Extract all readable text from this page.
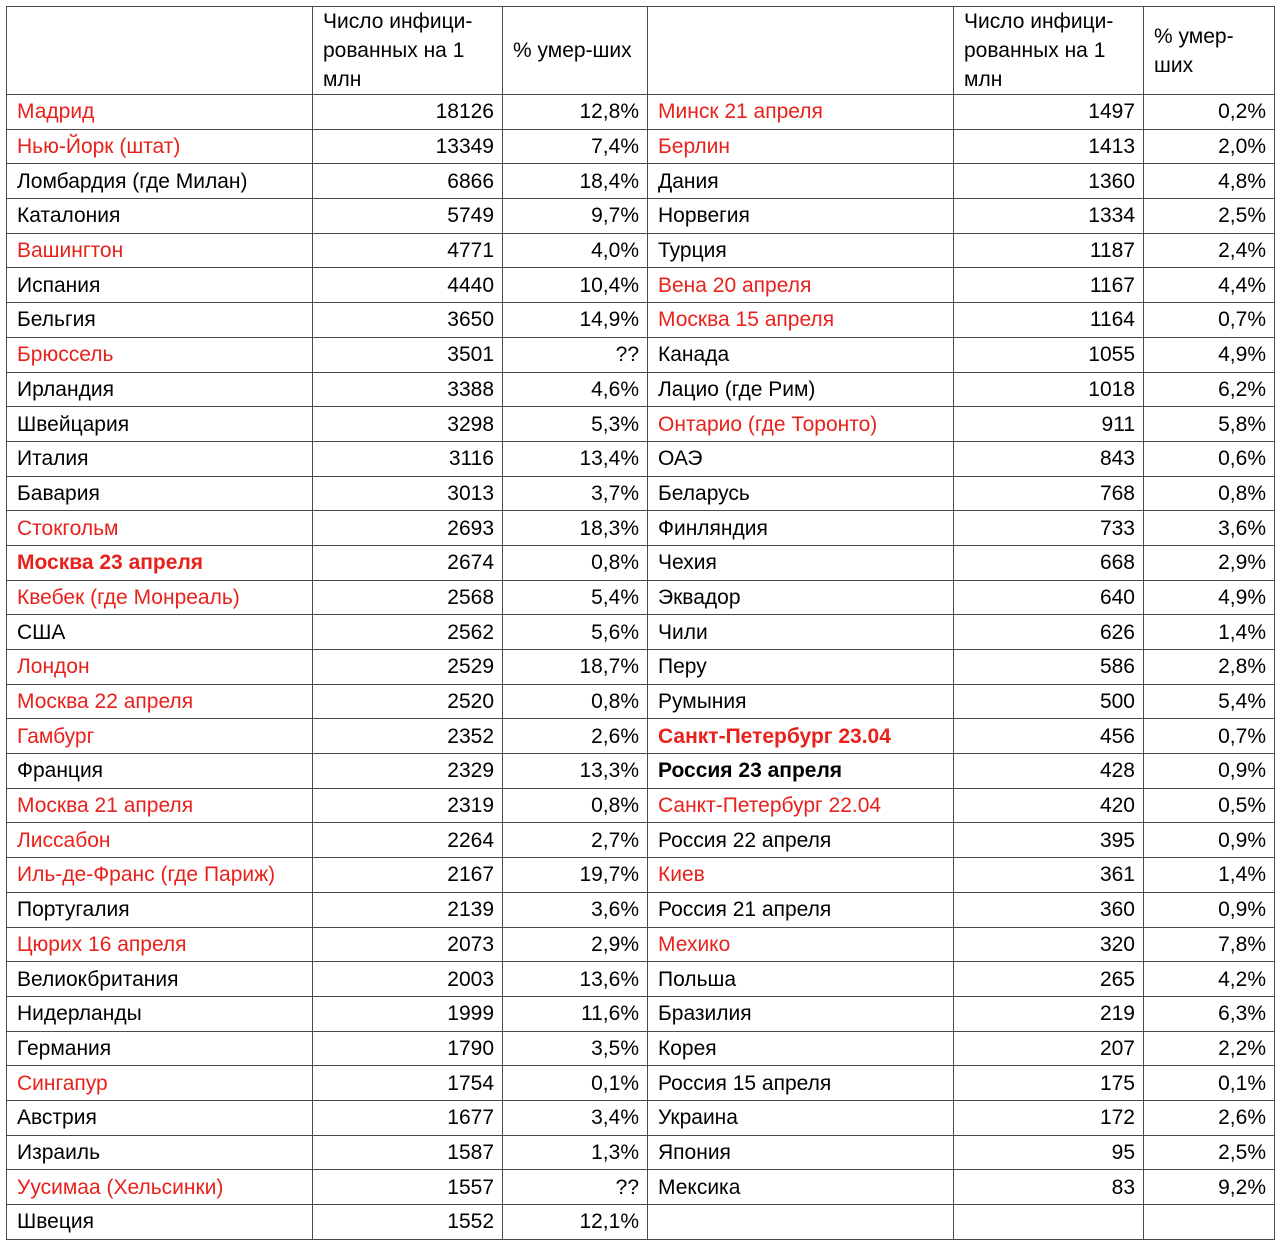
	Число инфици-рованных на 1 млн	% умер-ших		Число инфици-рованных на 1 млн	% умер-ших
Мадрид	18126	12,8%	Минск 21 апреля	1497	0,2%
Нью-Йорк (штат)	13349	7,4%	Берлин	1413	2,0%
Ломбардия (где Милан)	6866	18,4%	Дания	1360	4,8%
Каталония	5749	9,7%	Норвегия	1334	2,5%
Вашингтон	4771	4,0%	Турция	1187	2,4%
Испания	4440	10,4%	Вена 20 апреля	1167	4,4%
Бельгия	3650	14,9%	Москва 15 апреля	1164	0,7%
Брюссель	3501	??	Канада	1055	4,9%
Ирландия	3388	4,6%	Лацио (где Рим)	1018	6,2%
Швейцария	3298	5,3%	Онтарио (где Торонто)	911	5,8%
Италия	3116	13,4%	ОАЭ	843	0,6%
Бавария	3013	3,7%	Беларусь	768	0,8%
Стокгольм	2693	18,3%	Финляндия	733	3,6%
Москва 23 апреля	2674	0,8%	Чехия	668	2,9%
Квебек (где Монреаль)	2568	5,4%	Эквадор	640	4,9%
США	2562	5,6%	Чили	626	1,4%
Лондон	2529	18,7%	Перу	586	2,8%
Москва 22 апреля	2520	0,8%	Румыния	500	5,4%
Гамбург	2352	2,6%	Санкт-Петербург 23.04	456	0,7%
Франция	2329	13,3%	Россия 23 апреля	428	0,9%
Москва 21 апреля	2319	0,8%	Санкт-Петербург 22.04	420	0,5%
Лиссабон	2264	2,7%	Россия 22 апреля	395	0,9%
Иль-де-Франс (где Париж)	2167	19,7%	Киев	361	1,4%
Португалия	2139	3,6%	Россия 21 апреля	360	0,9%
Цюрих 16 апреля	2073	2,9%	Мехико	320	7,8%
Велиокбритания	2003	13,6%	Польша	265	4,2%
Нидерланды	1999	11,6%	Бразилия	219	6,3%
Германия	1790	3,5%	Корея	207	2,2%
Сингапур	1754	0,1%	Россия 15 апреля	175	0,1%
Австрия	1677	3,4%	Украина	172	2,6%
Израиль	1587	1,3%	Япония	95	2,5%
Уусимаа (Хельсинки)	1557	??	Мексика	83	9,2%
Швеция	1552	12,1%			
